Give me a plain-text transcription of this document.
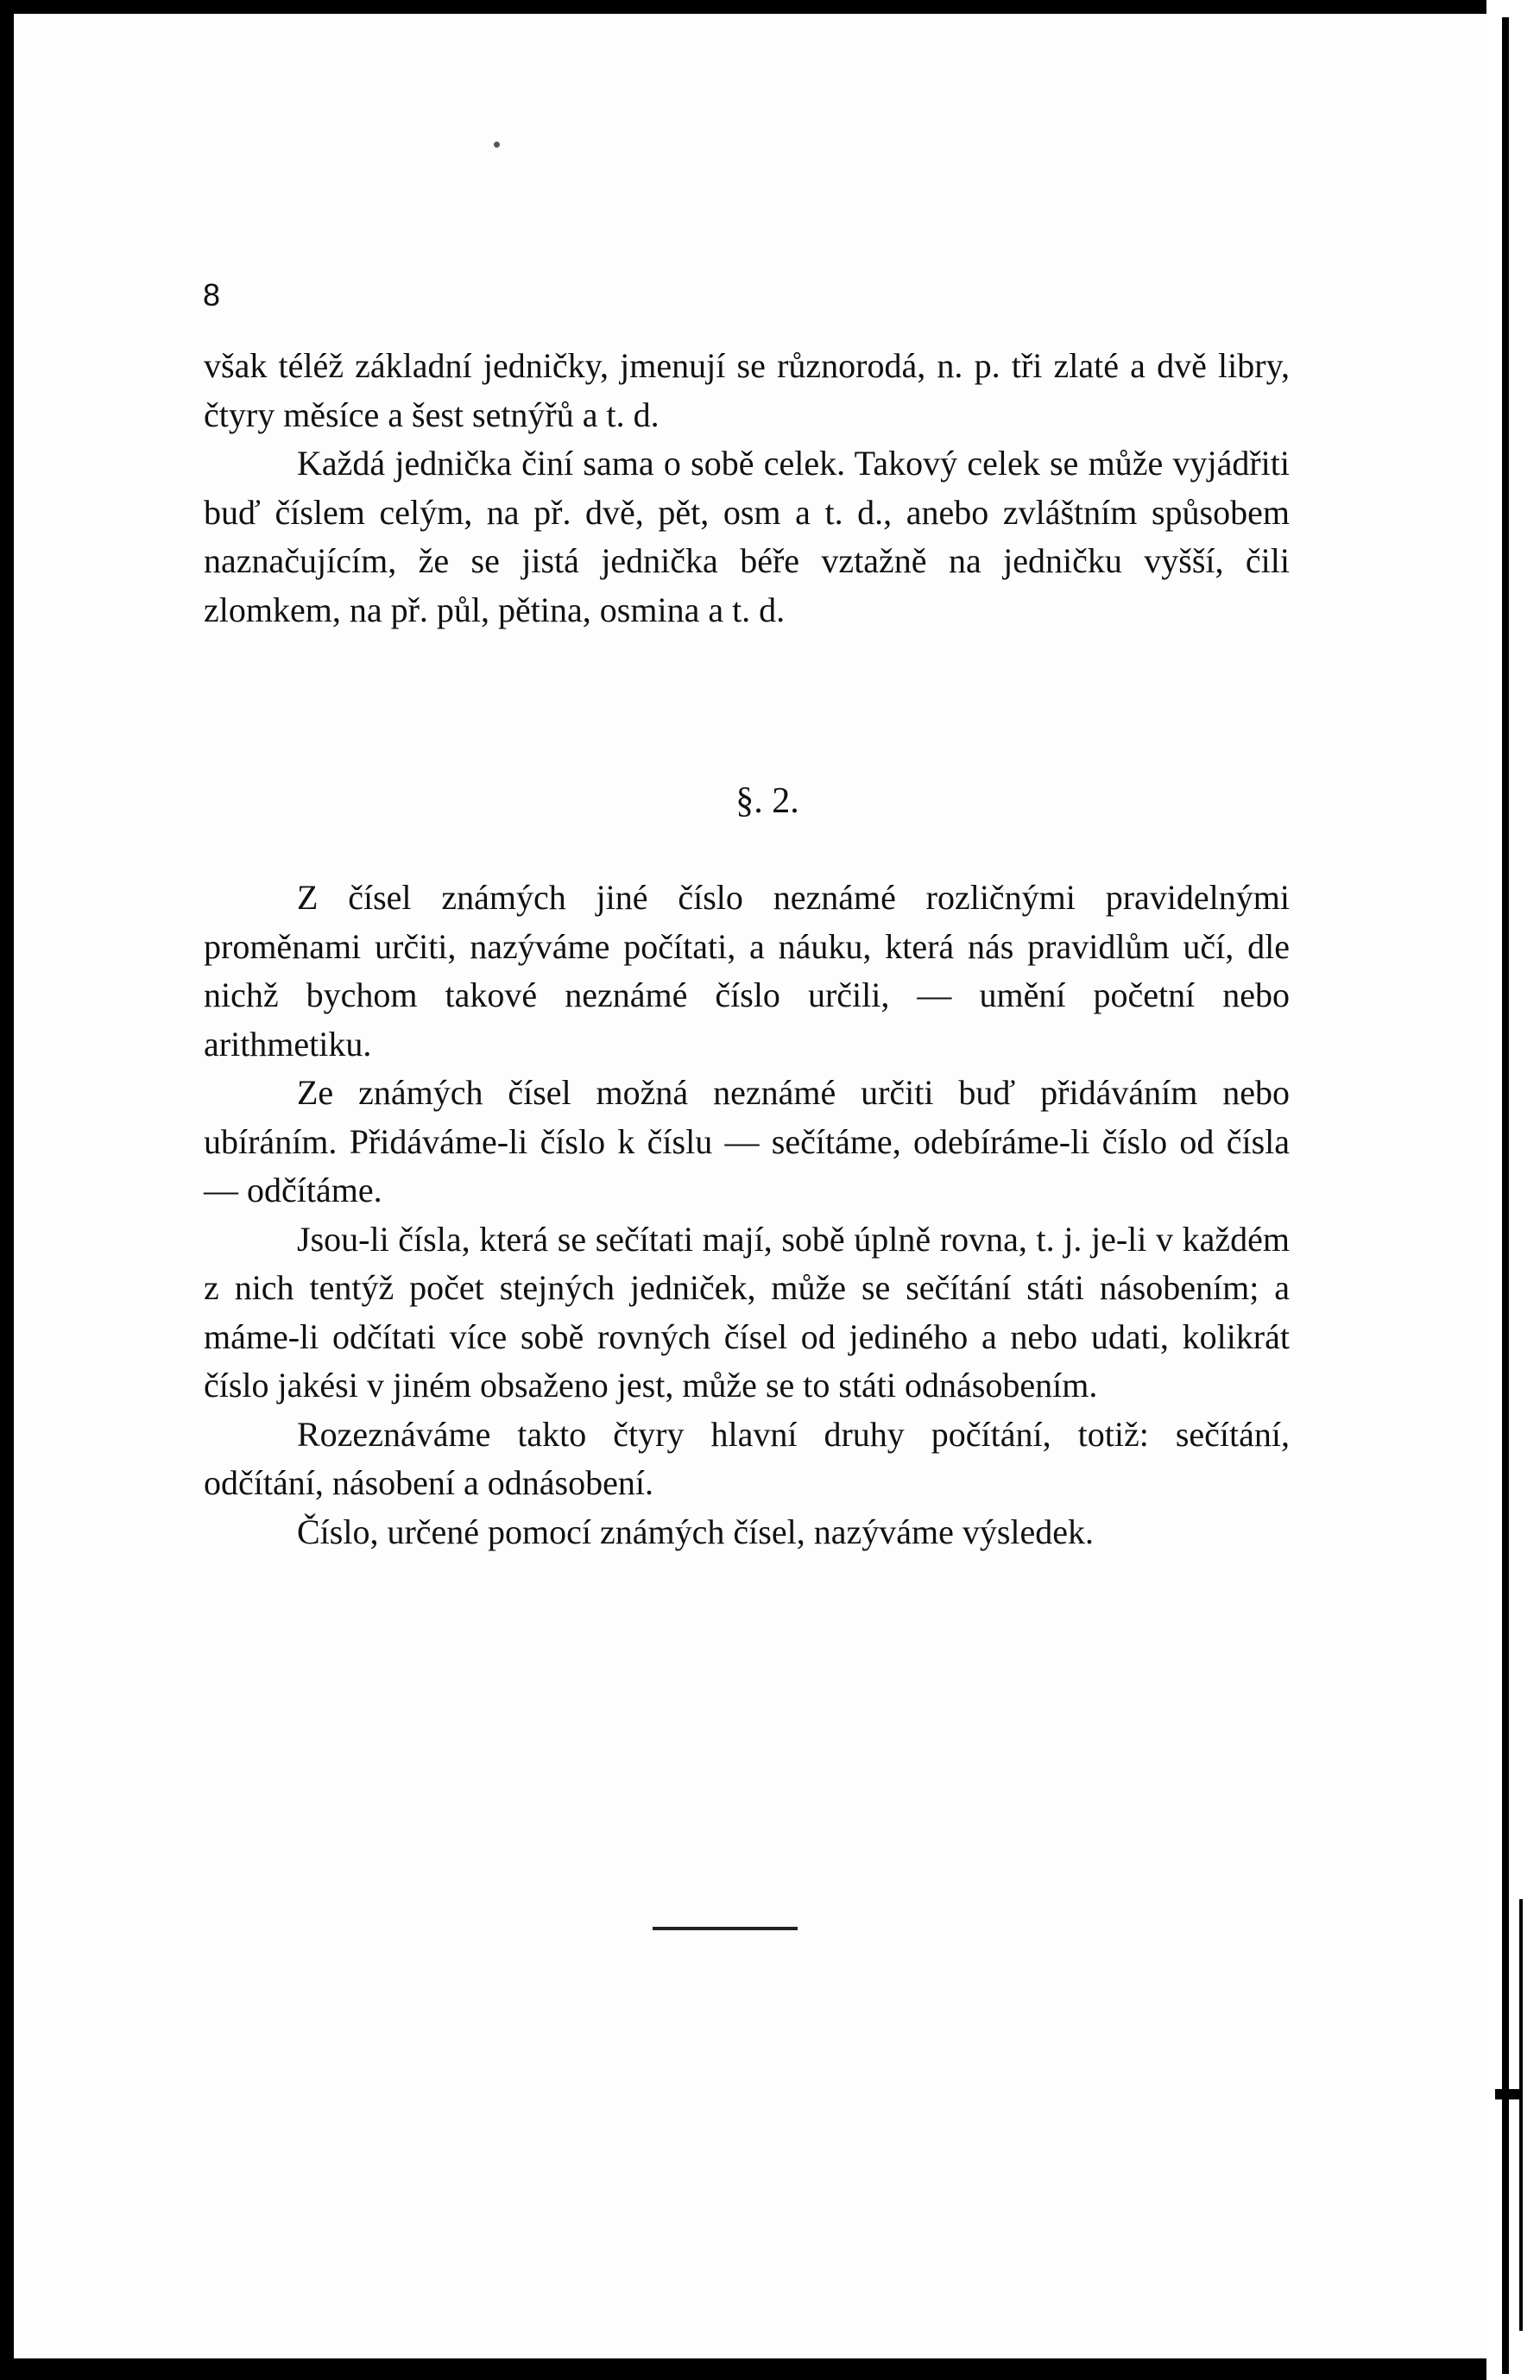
8

však téléž základní jedničky, jmenují se různorodá, n. p. tři zlaté a dvě libry, čtyry měsíce a šest setnýřů a t. d.

Každá jednička činí sama o sobě celek. Takový celek se může vyjádřiti buď číslem celým, na př. dvě, pět, osm a t. d., anebo zvláštním spůsobem naznačujícím, že se jistá jednička béře vztažně na jedničku vyšší, čili zlomkem, na př. půl, pětina, osmina a t. d.

§. 2.

Z čísel známých jiné číslo neznámé rozličnými pravidelnými proměnami určiti, nazýváme počítati, a náuku, která nás pravidlům učí, dle nichž bychom takové neznámé číslo určili, — umění početní nebo arithmetiku.

Ze známých čísel možná neznámé určiti buď přidáváním nebo ubíráním. Přidáváme-li číslo k číslu — sečítáme, odebíráme-li číslo od čísla — odčítáme.

Jsou-li čísla, která se sečítati mají, sobě úplně rovna, t. j. je-li v každém z nich tentýž počet stejných jedniček, může se sečítání státi násobením; a máme-li odčítati více sobě rovných čísel od jediného a nebo udati, kolikrát číslo jakési v jiném obsaženo jest, může se to státi odnásobením.

Rozeznáváme takto čtyry hlavní druhy počítání, totiž: sečítání, odčítání, násobení a odnásobení.

Číslo, určené pomocí známých čísel, nazýváme výsledek.
